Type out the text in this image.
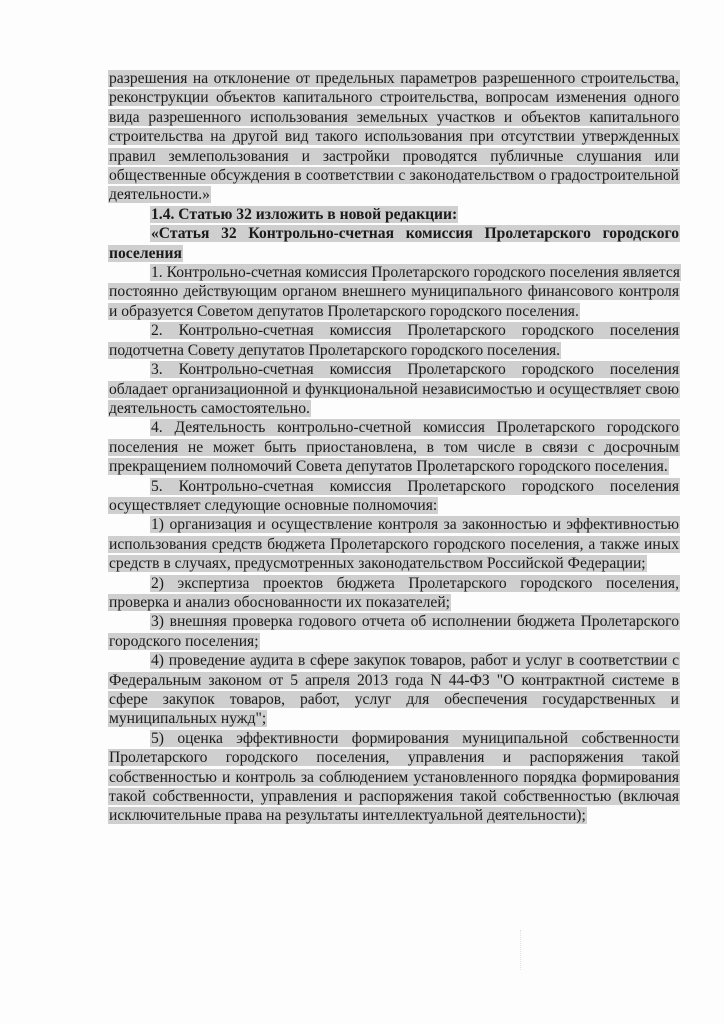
разрешения на отклонение от предельных параметров разрешенного строительства, реконструкции объектов капитального строительства, вопросам изменения одного вида разрешенного использования земельных участков и объектов капитального строительства на другой вид такого использования при отсутствии утвержденных правил землепользования и застройки проводятся публичные слушания или общественные обсуждения в соответствии с законодательством о градостроительной деятельности.»

1.4. Статью 32 изложить в новой редакции:

«Статья 32 Контрольно-счетная комиссия Пролетарского городского поселения

1. Контрольно-счетная комиссия Пролетарского городского поселения является постоянно действующим органом внешнего муниципального финансового контроля и образуется Советом депутатов Пролетарского городского поселения.

2. Контрольно-счетная комиссия Пролетарского городского поселения подотчетна Совету депутатов Пролетарского городского поселения.

3. Контрольно-счетная комиссия Пролетарского городского поселения обладает организационной и функциональной независимостью и осуществляет свою деятельность самостоятельно.

4. Деятельность контрольно-счетной комиссия Пролетарского городского поселения не может быть приостановлена, в том числе в связи с досрочным прекращением полномочий Совета депутатов Пролетарского городского поселения.

5. Контрольно-счетная комиссия Пролетарского городского поселения осуществляет следующие основные полномочия:

1) организация и осуществление контроля за законностью и эффективностью использования средств бюджета Пролетарского городского поселения, а также иных средств в случаях, предусмотренных законодательством Российской Федерации;

2) экспертиза проектов бюджета Пролетарского городского поселения, проверка и анализ обоснованности их показателей;

3) внешняя проверка годового отчета об исполнении бюджета Пролетарского городского поселения;

4) проведение аудита в сфере закупок товаров, работ и услуг в соответствии с Федеральным законом от 5 апреля 2013 года N 44-ФЗ "О контрактной системе в сфере закупок товаров, работ, услуг для обеспечения государственных и муниципальных нужд";

5) оценка эффективности формирования муниципальной собственности Пролетарского городского поселения, управления и распоряжения такой собственностью и контроль за соблюдением установленного порядка формирования такой собственности, управления и распоряжения такой собственностью (включая исключительные права на результаты интеллектуальной деятельности);
